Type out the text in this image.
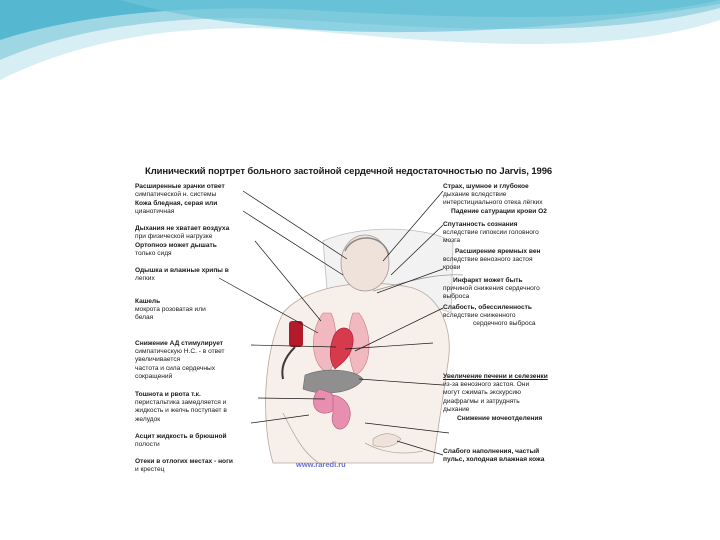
Клинический портрет больного застойной сердечной недостаточностью по Jarvis, 1996
Расширенные зрачки ответ
симпатической н. системы
Кожа бледная, серая или
цианотичная
Дыхания не хватает воздуха
при физической нагрузке
Ортопноэ может дышать
только сидя
Одышка и влажные хрипы в
легких
Кашель
мокрота розоватая или
белая
Снижение АД стимулирует
симпатическую Н.С. - в ответ
увеличивается
частота и сила сердечных
сокращений
Тошнота и рвота т.к.
перистальтика замедляется и
жидкость и желчь поступает в
желудок
Асцит жидкость в брюшной
полости
Отеки в отлогих местах - ноги
и крестец
Страх, шумное и глубокое
дыхание вследствие
интерстициального отека лёгких
Падение сатурации крови О2
Спутанность сознания
вследствие гипоксии головного
мозга
Расширение яремных вен
вследствие венозного застоя
крови
Инфаркт может быть
причиной снижения сердечного
выброса
Слабость, обессиленность
вследствие сниженного
сердечного выброса
Увеличение печени и селезенки
из-за венозного застоя. Они
могут сжимать экскурсию
диафрагмы и затруднять
дыхание
Снижение мочеотделения
Слабого наполнения, частый
пульс, холодная влажная кожа
www.raredi.ru
